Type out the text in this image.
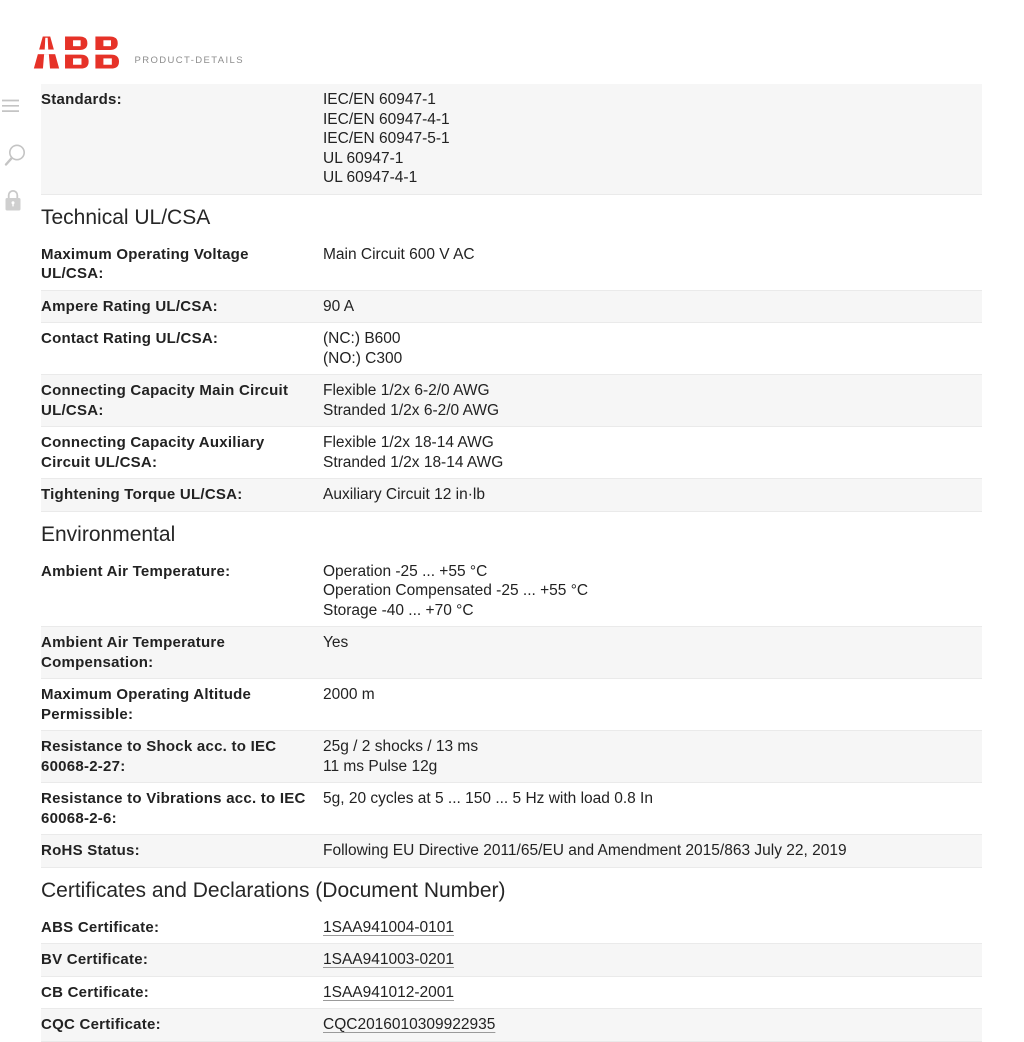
PRODUCT-DETAILS
Standards:	IEC/EN 60947-1
IEC/EN 60947-4-1
IEC/EN 60947-5-1
UL 60947-1
UL 60947-4-1
Technical UL/CSA
Maximum Operating Voltage UL/CSA:
Main Circuit 600 V AC
Ampere Rating UL/CSA:	90 A
Contact Rating UL/CSA:	(NC:) B600
(NO:) C300
Connecting Capacity Main Circuit UL/CSA:
Flexible 1/2x 6-2/0 AWG
Stranded 1/2x 6-2/0 AWG
Connecting Capacity Auxiliary Circuit UL/CSA:
Flexible 1/2x 18-14 AWG
Stranded 1/2x 18-14 AWG
Tightening Torque UL/CSA:	Auxiliary Circuit 12 in·lb
Environmental
Ambient Air Temperature:	Operation -25 ... +55 °C
Operation Compensated -25 ... +55 °C
Storage -40 ... +70 °C
Ambient Air Temperature Compensation:
Yes
Maximum Operating Altitude Permissible:
2000 m
Resistance to Shock acc. to IEC 60068-2-27:
25g / 2 shocks / 13 ms
11 ms Pulse 12g
Resistance to Vibrations acc. to IEC 60068-2-6:
5g, 20 cycles at 5 ... 150 ... 5 Hz with load 0.8 In
RoHS Status:	Following EU Directive 2011/65/EU and Amendment 2015/863 July 22, 2019
Certificates and Declarations (Document Number)
ABS Certificate:	1SAA941004-0101
BV Certificate:	1SAA941003-0201
CB Certificate:	1SAA941012-2001
CQC Certificate:	CQC2016010309922935
